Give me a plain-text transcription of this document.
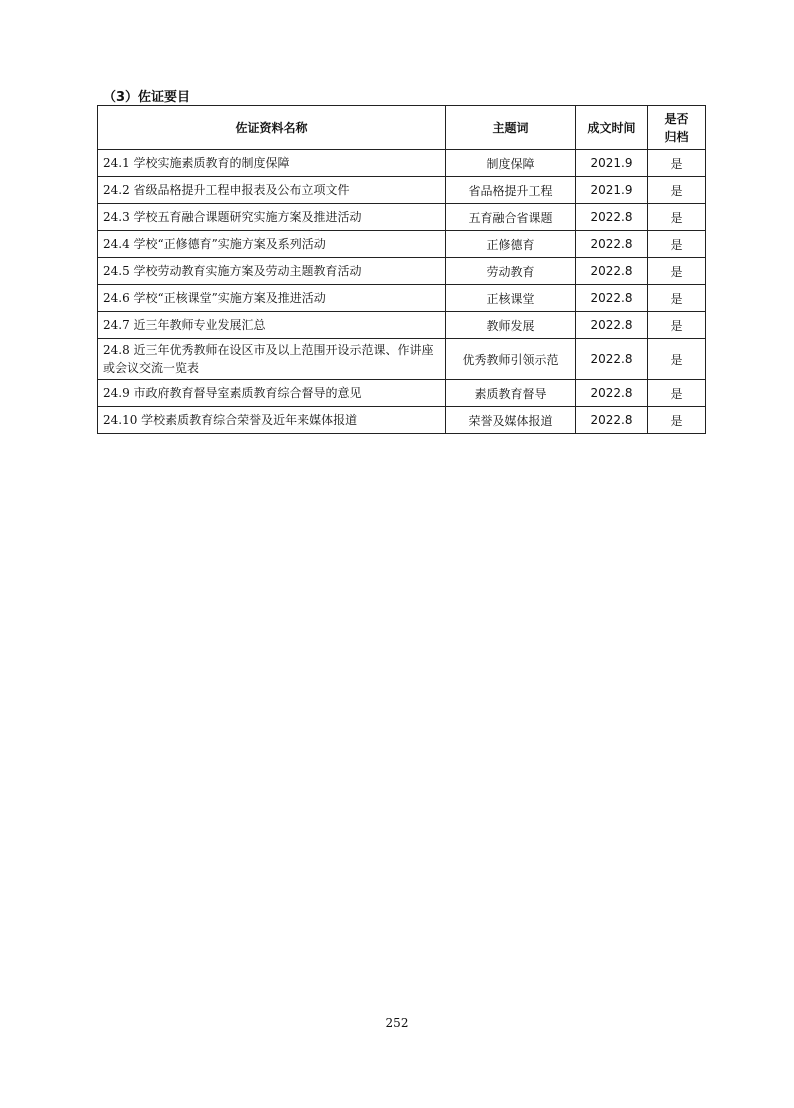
（3）佐证要目
佐证资料名称	主题词	成文时间	是否
归档

24.1 学校实施素质教育的制度保障	制度保障	2021.9	是
24.2 省级品格提升工程申报表及公布立项文件	省品格提升工程	2021.9	是
24.3 学校五育融合课题研究实施方案及推进活动	五育融合省课题	2022.8	是
24.4 学校“正修德育”实施方案及系列活动	正修德育	2022.8	是
24.5 学校劳动教育实施方案及劳动主题教育活动	劳动教育	2022.8	是
24.6 学校“正核课堂”实施方案及推进活动	正核课堂	2022.8	是
24.7 近三年教师专业发展汇总	教师发展	2022.8	是
24.8 近三年优秀教师在设区市及以上范围开设示范课、作讲座或会议交流一览表	优秀教师引领示范	2022.8	是
24.9 市政府教育督导室素质教育综合督导的意见	素质教育督导	2022.8	是
24.10 学校素质教育综合荣誉及近年来媒体报道	荣誉及媒体报道	2022.8	是
252
